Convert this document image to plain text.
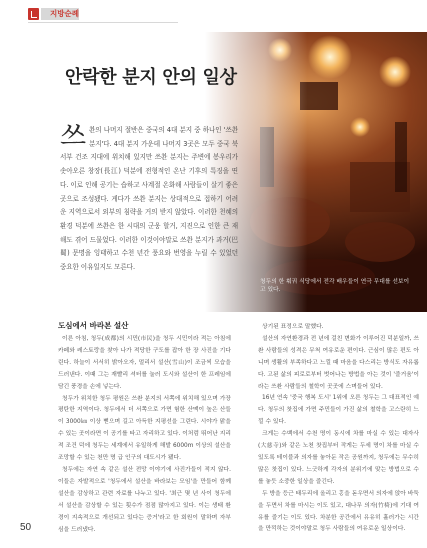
지방순례
안락한 분지 안의 일상
쓰 촨의 나머지 절반은 중국의 4대 분지 중 하나인 '쓰촨 분지'다. 4대 분지 가운데 나머지 3곳은 모두 중국 북서부 건조 지대에 위치해 있지만 쓰촨 분지는 주변에 봉우리가 솟아오른 창장(長江) 덕분에 전형적인 온난 기후의 특징을 띤다. 이로 인해 공기는 습하고 사계절 온화해 사람들이 살기 좋은 곳으로 조성됐다. 게다가 쓰촨 분지는 상대적으로 접하기 어려운 지역으로서 외부의 침략을 거의 받지 않았다. 이러한 천혜의 환경 덕분에 쓰촨은 한 시대의 군웅 할거, 지진으로 인한 큰 재해도 겪어 드물었다. 이러한 이것이야말로 쓰촨 분지가 과거(巴蜀) 문명을 잉태하고 수천 년간 풍요와 번영을 누릴 수 있었던 중요한 이유일지도 모른다.
청두의 한 훠궈 식당에서 전각 배우들이 연극 무대를 선보이고 있다.
도심에서 바라본 설산

이른 아침, 청두(成都)의 시민(市民)을 청두 시민이라 적는 아침에 카페와 레스토랑을 찾아 나가 적당한 구도를 잡아 한 장 사진을 기다린다. 하늘이 서서히 밝아오자, 멀리서 설산(雪山)이 조금씩 모습을 드러낸다. 이때 그는 재빨리 셔터를 눌러 도시와 설산이 한 프레임에 담긴 풍경을 손에 넣는다.

청두가 위치한 청두 평원은 쓰촨 분지의 서쪽에 위치해 있으며 가장 평탄한 지역이다. 청두에서 더 서쪽으로 가면 험한 산맥이 높은 산들이 3000㎞ 이상 뻗으며 길고 아득한 지평선을 그린다. 시야가 맑을 수 있는 곳이라면 이 공기를 타고 자리하고 있다. 이처럼 뛰어난 지리적 조건 덕에 청두는 세계에서 유일하게 해발 6000m 이상의 설산을 조망할 수 있는 천만 명 급 인구의 대도시가 됐다.

청두에는 자연 속 같은 설산 전망 이야기에 사진가들이 적지 않다. 이들은 자발적으로 '청두에서 설산을 바라보는 모임'을 만들어 함께 설산을 감상하고 관련 자료를 나누고 있다. '최근 몇 년 사이 청두에서 설산을 감상할 수 있는 횟수가 점점 많아지고 있다. 이는 생태 환경이 지속적으로 개선되고 있다는 증거'라고 한 회원이 말하며 자부심을 드러냈다.

상기된 표정으로 말했다.

설산의 자연환경과 전 년에 걸친 변화가 이루어진 덕분일까, 쓰촨 사람들의 성격은 무척 여유로운 편이다. 근심이 많은 편도 아니며 생활의 부족하다고 느낄 때 마음을 다스리는 방식도 자유롭다. 고된 삶의 피로로부터 벗어나는 방법을 아는 것이 '즐거움'이라는 쓰촨 사람들의 철학이 곳곳에 스며들어 있다.

16년 연속 '중국 행복 도시' 1위에 오른 청두는 그 대표적인 예다. 청두의 찻집에 가면 주민들이 가진 삶의 철학을 고스란히 느낄 수 있다.

크게는 수백에서 수천 명이 동시에 차를 마실 수 있는 대자사(大慈寺)와 같은 노천 찻집부터 작게는 두세 명이 차를 마실 수 있도록 테이블과 의자를 놓아둔 작은 공원까지, 청두에는 무수히 많은 찻집이 있다. 느긋하게 각자의 분위기에 맞는 방법으로 수를 놓듯 소중한 일상을 즐긴다.

두 방을 등근 태두리에 올리고 홍을 돋우면서 의자에 앉아 바둑을 두면서 차를 마시는 이도 있고, 대나무 의자(竹椅)에 기대 여유를 즐기는 이도 있다. 차분한 공간에서 유유히 흘러가는 시간을 만끽하는 것이야말로 청두 사람들의 여유로운 일상이다.

50
